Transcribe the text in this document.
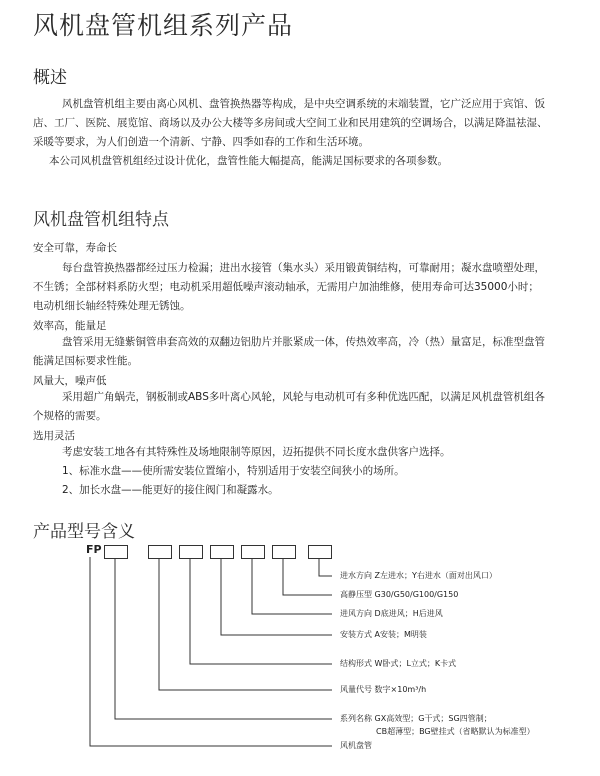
风机盘管机组系列产品
概述
风机盘管机组主要由离心风机、盘管换热器等构成，是中央空调系统的末端装置，它广泛应用于宾馆、饭
店、工厂、医院、展览馆、商场以及办公大楼等多房间或大空间工业和民用建筑的空调场合，以满足降温祛湿、
采暖等要求，为人们创造一个清新、宁静、四季如春的工作和生活环境。
本公司风机盘管机组经过设计优化，盘管性能大幅提高，能满足国标要求的各项参数。
风机盘管机组特点
安全可靠，寿命长
每台盘管换热器都经过压力检漏；进出水接管（集水头）采用锻黄铜结构，可靠耐用；凝水盘喷塑处理，
不生锈；全部材料系防火型；电动机采用超低噪声滚动轴承，无需用户加油维修，使用寿命可达35000小时；
电动机细长轴经特殊处理无锈蚀。
效率高，能量足
盘管采用无缝紫铜管串套高效的双翻边铝肋片并胀紧成一体，传热效率高，冷（热）量富足，标准型盘管
能满足国标要求性能。
风量大，噪声低
采用超广角蜗壳，钢板制或ABS多叶离心风轮，风轮与电动机可有多种优选匹配，以满足风机盘管机组各
个规格的需要。
选用灵活
考虑安装工地各有其特殊性及场地限制等原因，迈拓提供不同长度水盘供客户选择。
1、标准水盘——使所需安装位置缩小，特别适用于安装空间狭小的场所。
2、加长水盘——能更好的接住阀门和凝露水。
产品型号含义
FP
进水方向 Z左进水；Y右进水（面对出风口）
高静压型 G30/G50/G100/G150
进风方向 D底进风；H后进风
安装方式 A安装；M明装
结构形式 W卧式；L立式；K卡式
风量代号 数字×10m³/h
系列名称 GX高效型；G干式；SG四管制；
CB超薄型；BG壁挂式（省略默认为标准型）
风机盘管
